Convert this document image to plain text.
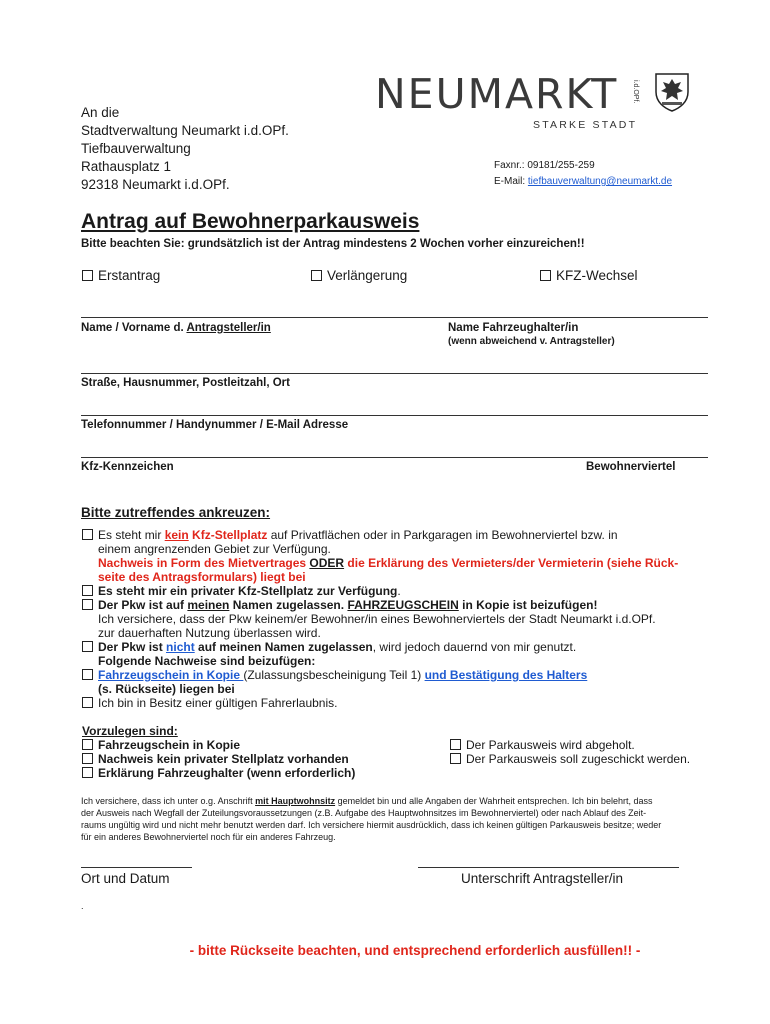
An die
Stadtverwaltung Neumarkt i.d.OPf.
Tiefbauverwaltung
Rathausplatz 1
92318 Neumarkt i.d.OPf.
NEUMARKT i.d.OPf.
STARKE STADT
Faxnr.: 09181/255-259
E-Mail: tiefbauverwaltung@neumarkt.de
Antrag auf Bewohnerparkausweis
Bitte beachten Sie: grundsätzlich ist der Antrag mindestens 2 Wochen vorher einzureichen!!
Erstantrag	Verlängerung	KFZ-Wechsel
Name / Vorname d. Antragsteller/in	Name Fahrzeughalter/in
(wenn abweichend v. Antragsteller)
Straße, Hausnummer, Postleitzahl, Ort
Telefonnummer / Handynummer / E-Mail Adresse
Kfz-Kennzeichen	Bewohnerviertel
Bitte zutreffendes ankreuzen:
Es steht mir kein Kfz-Stellplatz auf Privatflächen oder in Parkgaragen im Bewohnerviertel bzw. in
einem angrenzenden Gebiet zur Verfügung.
Nachweis in Form des Mietvertrages ODER die Erklärung des Vermieters/der Vermieterin (siehe Rück-
seite des Antragsformulars) liegt bei
Es steht mir ein privater Kfz-Stellplatz zur Verfügung.
Der Pkw ist auf meinen Namen zugelassen. FAHRZEUGSCHEIN in Kopie ist beizufügen!
Ich versichere, dass der Pkw keinem/er Bewohner/in eines Bewohnerviertels der Stadt Neumarkt i.d.OPf.
zur dauerhaften Nutzung überlassen wird.
Der Pkw ist nicht auf meinen Namen zugelassen, wird jedoch dauernd von mir genutzt.
Folgende Nachweise sind beizufügen:
Fahrzeugschein in Kopie (Zulassungsbescheinigung Teil 1) und Bestätigung des Halters
(s. Rückseite) liegen bei
Ich bin in Besitz einer gültigen Fahrerlaubnis.
Vorzulegen sind:
Fahrzeugschein in Kopie
Nachweis kein privater Stellplatz vorhanden
Erklärung Fahrzeughalter (wenn erforderlich)
Der Parkausweis wird abgeholt.
Der Parkausweis soll zugeschickt werden.
Ich versichere, dass ich unter o.g. Anschrift mit Hauptwohnsitz gemeldet bin und alle Angaben der Wahrheit entsprechen. Ich bin belehrt, dass
der Ausweis nach Wegfall der Zuteilungsvoraussetzungen (z.B. Aufgabe des Hauptwohnsitzes im Bewohnerviertel) oder nach Ablauf des Zeit-
raums ungültig wird und nicht mehr benutzt werden darf. Ich versichere hiermit ausdrücklich, dass ich keinen gültigen Parkausweis besitze; weder
für ein anderes Bewohnerviertel noch für ein anderes Fahrzeug.
Ort und Datum	Unterschrift Antragsteller/in
.
- bitte Rückseite beachten, und entsprechend erforderlich ausfüllen!! -
